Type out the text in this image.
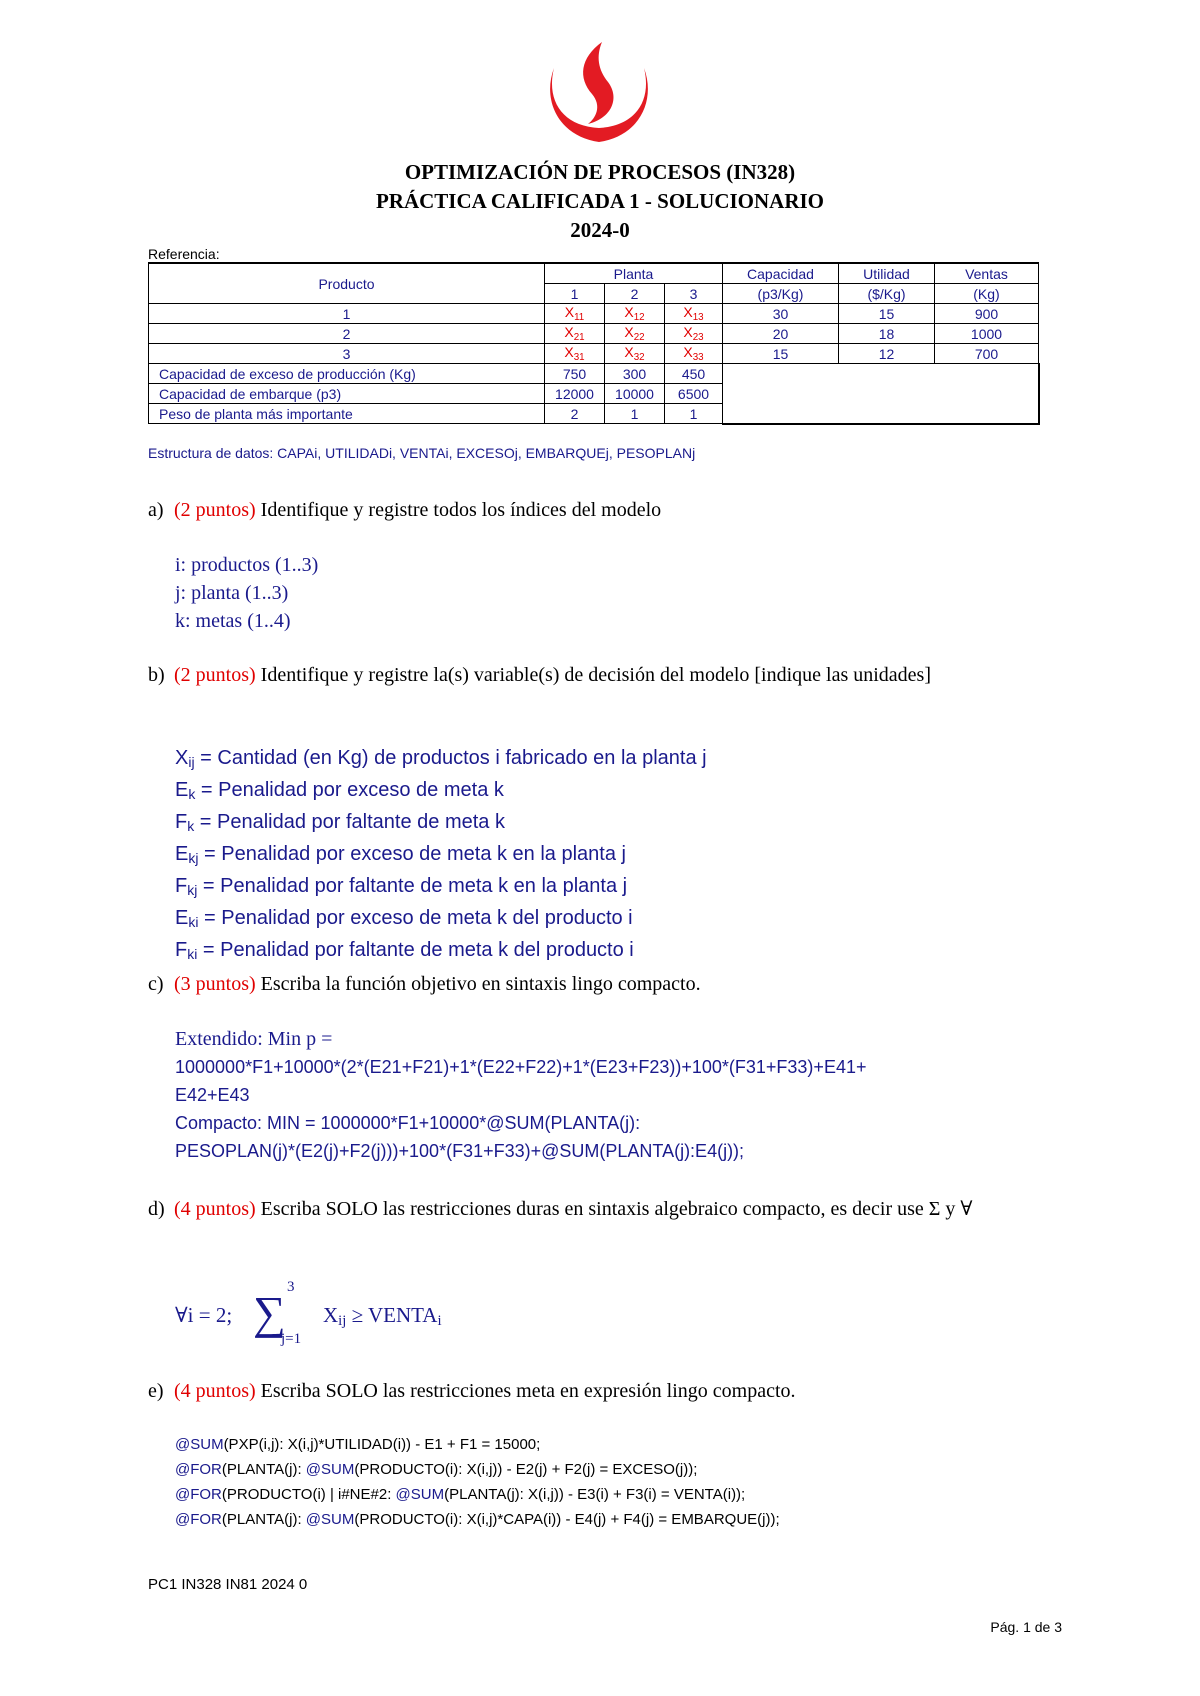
OPTIMIZACIÓN DE PROCESOS (IN328)
PRÁCTICA CALIFICADA 1 - SOLUCIONARIO
2024-0
Referencia:
Producto	Planta			Capacidad	Utilidad	Ventas
	1	2	3	(p3/Kg)	($/Kg)	(Kg)
1	$X_{11}$	$X_{12}$	$X_{13}$	30	15	900
2	$X_{21}$	$X_{22}$	$X_{23}$	20	18	1000
3	$X_{31}$	$X_{32}$	$X_{33}$	15	12	700
Capacidad de exceso de producción (Kg)	750	300	450			
Capacidad de embarque (p3)	12000	10000	6500			
Peso de planta más importante	2	1	1			
Estructura de datos: CAPAi, UTILIDADi, VENTAi, EXCESOj, EMBARQUEj, PESOPLANj
a) (2 puntos) Identifique y registre todos los índices del modelo
i: productos (1..3)
j: planta (1..3)
k: metas (1..4)
b) (2 puntos) Identifique y registre la(s) variable(s) de decisión del modelo [indique las unidades]
$X_{ij}$ = Cantidad (en Kg) de productos i fabricado en la planta j
$E_k$ = Penalidad por exceso de meta k
$F_k$ = Penalidad por faltante de meta k
$E_{kj}$ = Penalidad por exceso de meta k en la planta j
$F_{kj}$ = Penalidad por faltante de meta k en la planta j
$E_{ki}$ = Penalidad por exceso de meta k del producto i
$F_{ki}$ = Penalidad por faltante de meta k del producto i
c) (3 puntos) Escriba la función objetivo en sintaxis lingo compacto.
Extendido: Min p =
1000000*F1+10000*(2*(E21+F21)+1*(E22+F22)+1*(E23+F23))+100*(F31+F33)+E41+
E42+E43
Compacto: MIN = 1000000*F1+10000*@SUM(PLANTA(j):
PESOPLAN(j)*(E2(j)+F2(j)))+100*(F31+F33)+@SUM(PLANTA(j):E4(j));
d) (4 puntos) Escriba SOLO las restricciones duras en sintaxis algebraico compacto, es decir use Σ y ∀
∀i = 2; ∑ 3
j=1
$X_{ij}$ ≥ $VENTA_i$
e) (4 puntos) Escriba SOLO las restricciones meta en expresión lingo compacto.
@SUM(PXP(i,j): X(i,j)*UTILIDAD(i)) - E1 + F1 = 15000;
@FOR(PLANTA(j): @SUM(PRODUCTO(i): X(i,j)) - E2(j) + F2(j) = EXCESO(j));
@FOR(PRODUCTO(i) | i#NE#2: @SUM(PLANTA(j): X(i,j)) - E3(i) + F3(i) = VENTA(i));
@FOR(PLANTA(j): @SUM(PRODUCTO(i): X(i,j)*CAPA(i)) - E4(j) + F4(j) = EMBARQUE(j));
PC1 IN328 IN81 2024 0
Pág. 1 de 3
